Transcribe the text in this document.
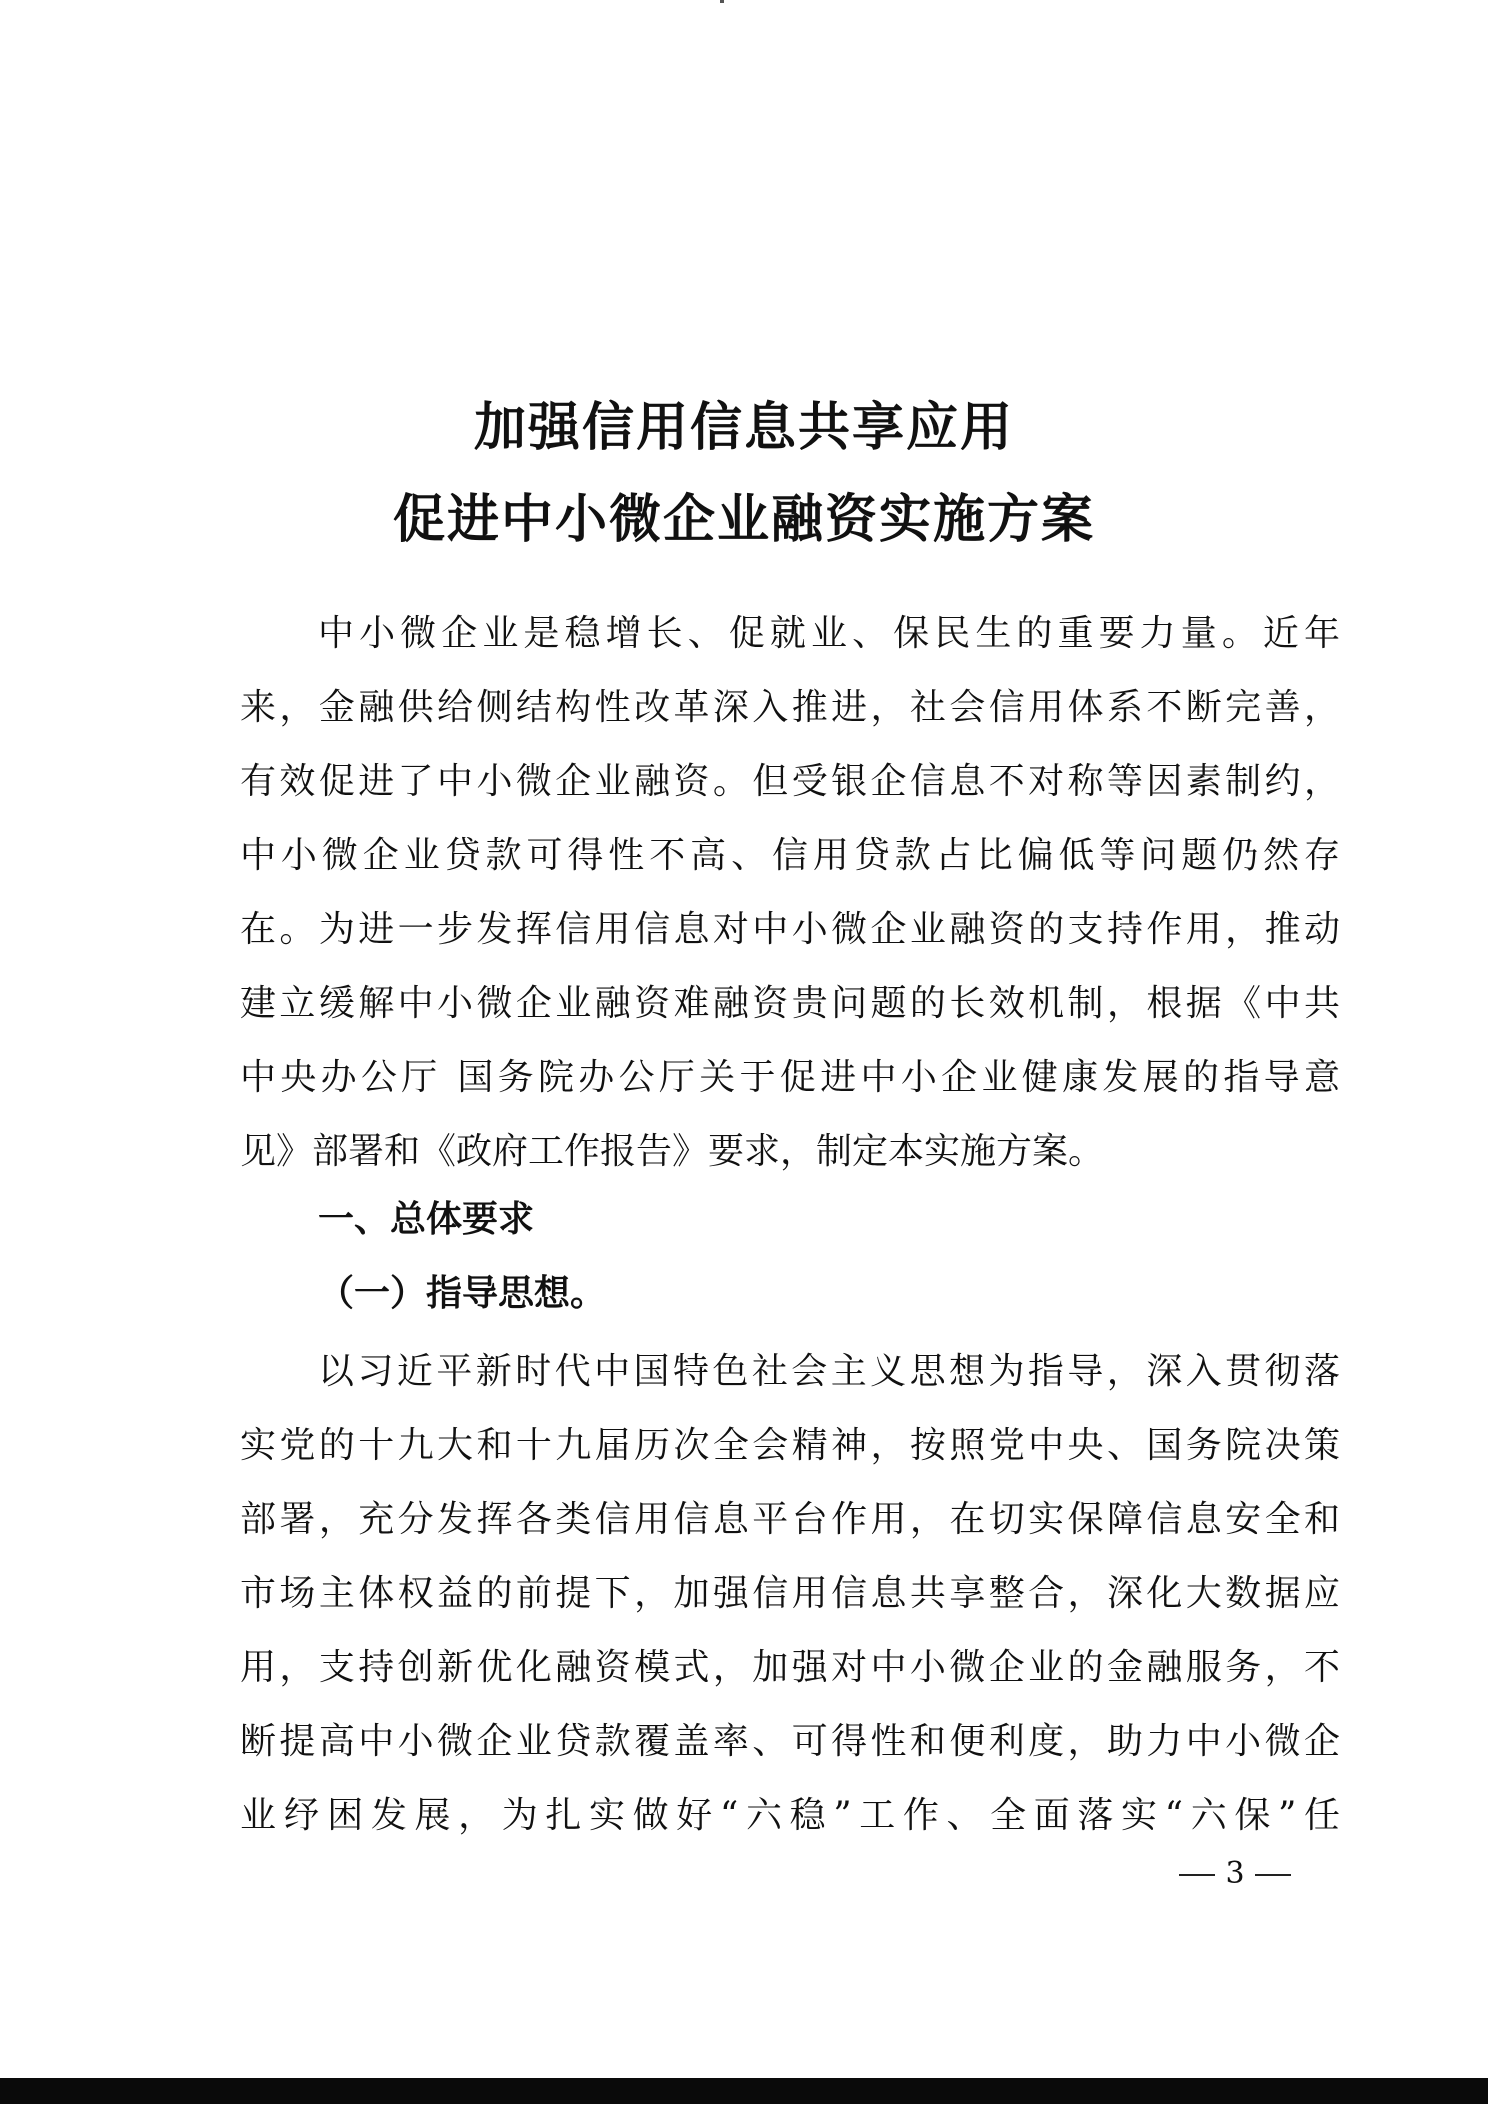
加强信用信息共享应用
促进中小微企业融资实施方案
中小微企业是稳增长、促就业、保民生的重要力量。近年
来，金融供给侧结构性改革深入推进，社会信用体系不断完善，
有效促进了中小微企业融资。但受银企信息不对称等因素制约，
中小微企业贷款可得性不高、信用贷款占比偏低等问题仍然存
在。为进一步发挥信用信息对中小微企业融资的支持作用，推动
建立缓解中小微企业融资难融资贵问题的长效机制，根据《中共
中央办公厅 国务院办公厅关于促进中小企业健康发展的指导意
见》部署和《政府工作报告》要求，制定本实施方案。
一、总体要求
（一）指导思想。
以习近平新时代中国特色社会主义思想为指导，深入贯彻落
实党的十九大和十九届历次全会精神，按照党中央、国务院决策
部署，充分发挥各类信用信息平台作用，在切实保障信息安全和
市场主体权益的前提下，加强信用信息共享整合，深化大数据应
用，支持创新优化融资模式，加强对中小微企业的金融服务，不
断提高中小微企业贷款覆盖率、可得性和便利度，助力中小微企
业纾困发展，为扎实做好“六稳”工作、全面落实“六保”任
3
